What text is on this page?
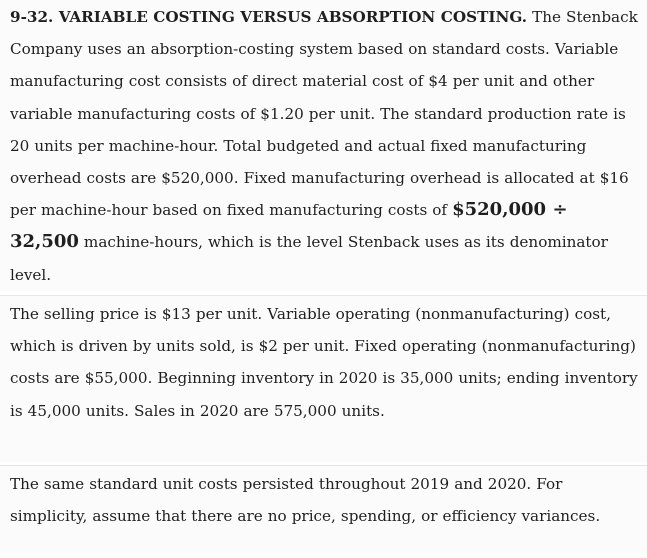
9-32. VARIABLE COSTING VERSUS ABSORPTION COSTING. The Stenback Company uses an absorption-costing system based on standard costs. Variable manufacturing cost consists of direct material cost of $4 per unit and other variable manufacturing costs of $1.20 per unit. The standard production rate is 20 units per machine-hour. Total budgeted and actual fixed manufacturing overhead costs are $520,000. Fixed manufacturing overhead is allocated at $16 per machine-hour based on fixed manufacturing costs of $520,000 ÷ 32,500 machine-hours, which is the level Stenback uses as its denominator level.

The selling price is $13 per unit. Variable operating (nonmanufacturing) cost, which is driven by units sold, is $2 per unit. Fixed operating (nonmanufacturing) costs are $55,000. Beginning inventory in 2020 is 35,000 units; ending inventory is 45,000 units. Sales in 2020 are 575,000 units.

The same standard unit costs persisted throughout 2019 and 2020. For simplicity, assume that there are no price, spending, or efficiency variances.
